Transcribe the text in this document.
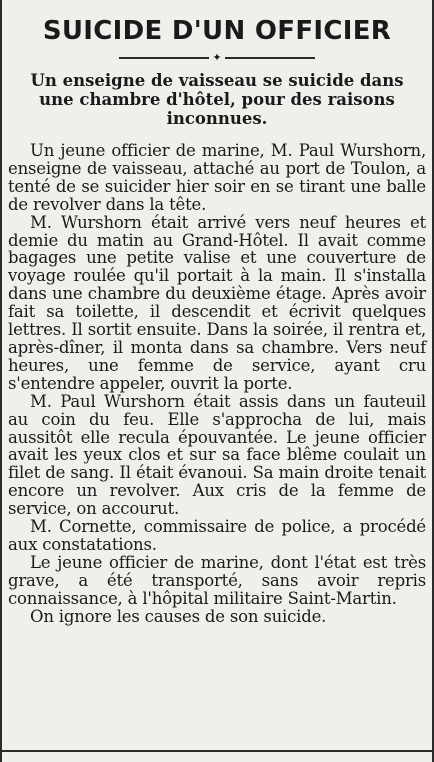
SUICIDE D'UN OFFICIER
✦

Un enseigne de vaisseau se suicide dans une chambre d'hôtel, pour des raisons inconnues.

Un jeune officier de marine, M. Paul Wurshorn, enseigne de vaisseau, attaché au port de Toulon, a tenté de se suicider hier soir en se tirant une balle de revolver dans la tête.

M. Wurshorn était arrivé vers neuf heures et demie du matin au Grand-Hôtel. Il avait comme bagages une petite valise et une couverture de voyage roulée qu'il portait à la main. Il s'installa dans une chambre du deuxième étage. Après avoir fait sa toilette, il descendit et écrivit quelques lettres. Il sortit ensuite. Dans la soirée, il rentra et, après-dîner, il monta dans sa chambre. Vers neuf heures, une femme de service, ayant cru s'entendre appeler, ouvrit la porte.

M. Paul Wurshorn était assis dans un fauteuil au coin du feu. Elle s'approcha de lui, mais aussitôt elle recula épouvantée. Le jeune officier avait les yeux clos et sur sa face blême coulait un filet de sang. Il était évanoui. Sa main droite tenait encore un revolver. Aux cris de la femme de service, on accourut.

M. Cornette, commissaire de police, a procédé aux constatations.

Le jeune officier de marine, dont l'état est très grave, a été transporté, sans avoir repris connaissance, à l'hôpital militaire Saint-Martin.

On ignore les causes de son suicide.
